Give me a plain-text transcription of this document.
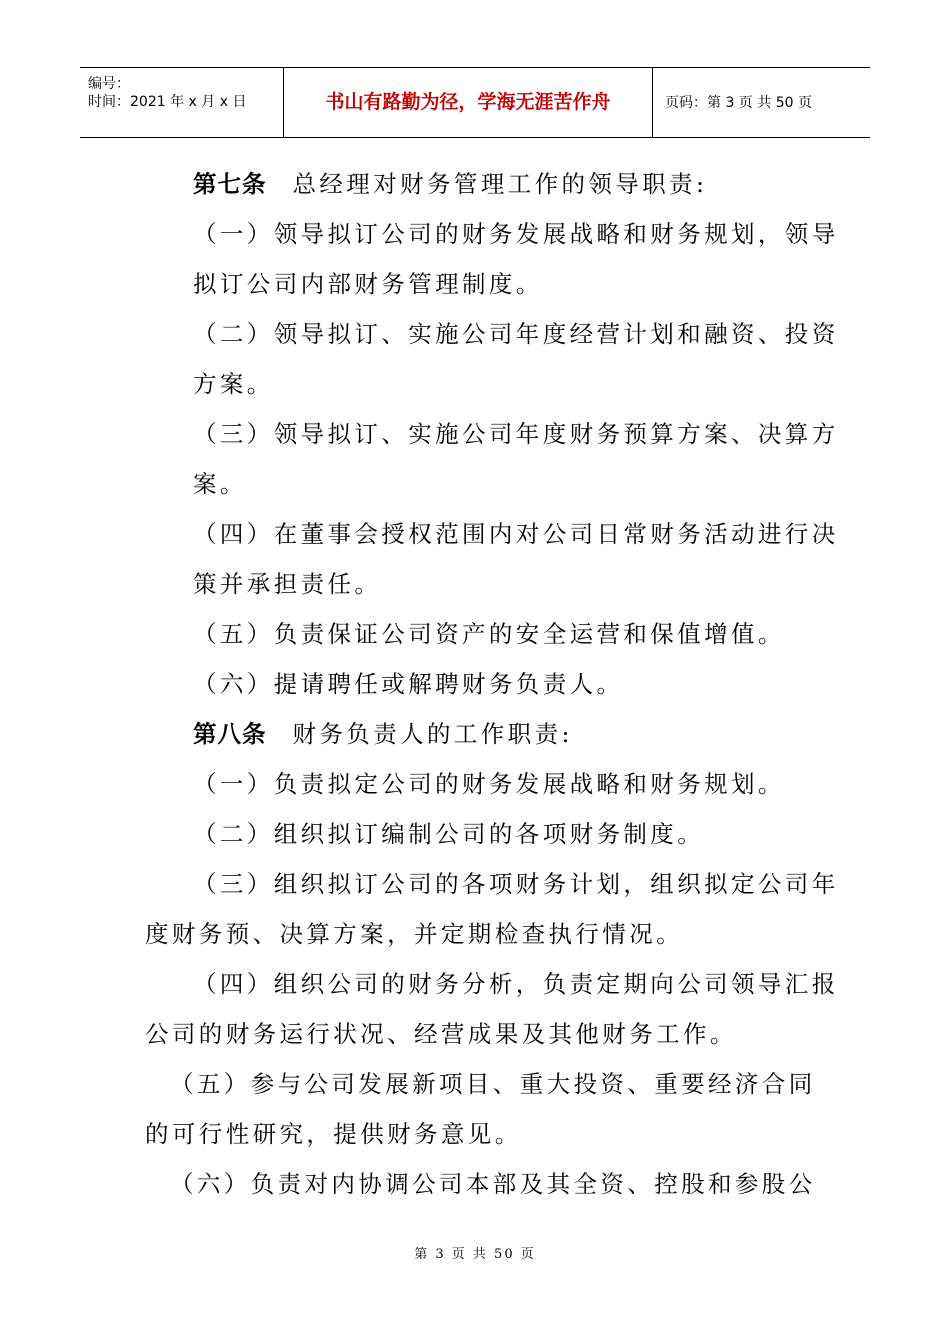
编号：
时间：2021 年 x 月 x 日	书山有路勤为径，学海无涯苦作舟	页码：第 3 页 共 50 页
第七条 总经理对财务管理工作的领导职责:
（一）领导拟订公司的财务发展战略和财务规划，领导
拟订公司内部财务管理制度。
（二）领导拟订、实施公司年度经营计划和融资、投资
方案。
（三）领导拟订、实施公司年度财务预算方案、决算方
案。
（四）在董事会授权范围内对公司日常财务活动进行决
策并承担责任。
（五）负责保证公司资产的安全运营和保值增值。
（六）提请聘任或解聘财务负责人。
第八条 财务负责人的工作职责:
（一）负责拟定公司的财务发展战略和财务规划。
（二）组织拟订编制公司的各项财务制度。
（三）组织拟订公司的各项财务计划，组织拟定公司年
度财务预、决算方案，并定期检查执行情况。
（四）组织公司的财务分析，负责定期向公司领导汇报
公司的财务运行状况、经营成果及其他财务工作。
（五）参与公司发展新项目、重大投资、重要经济合同
的可行性研究，提供财务意见。
（六）负责对内协调公司本部及其全资、控股和参股公
第 3 页 共 50 页
